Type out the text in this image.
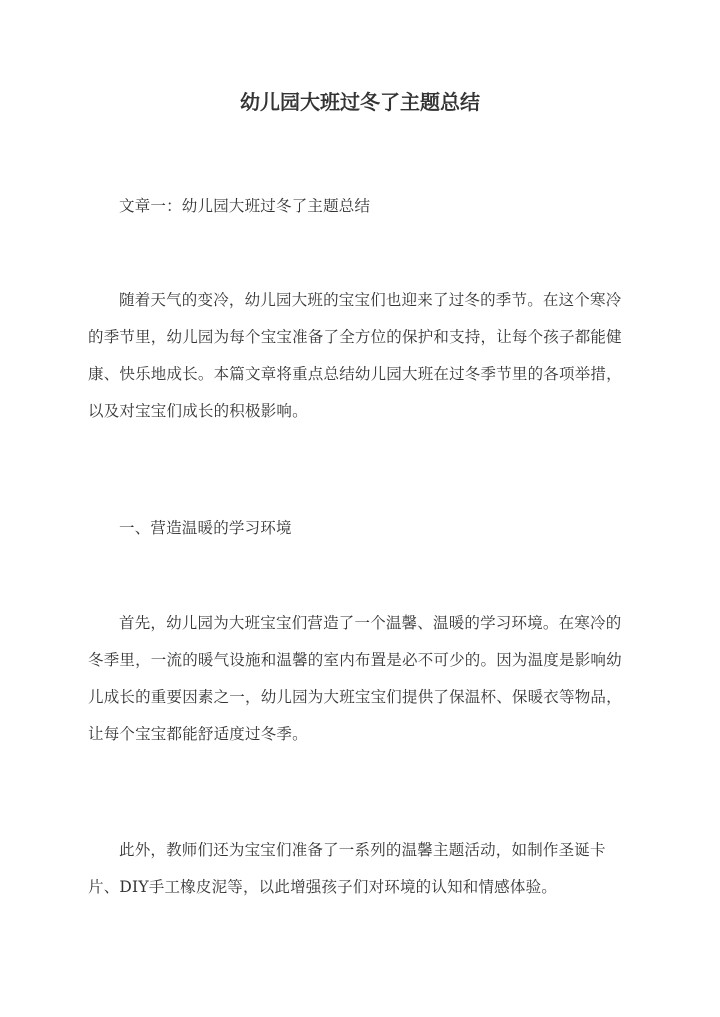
幼儿园大班过冬了主题总结

文章一：幼儿园大班过冬了主题总结

随着天气的变冷，幼儿园大班的宝宝们也迎来了过冬的季节。在这个寒冷的季节里，幼儿园为每个宝宝准备了全方位的保护和支持，让每个孩子都能健康、快乐地成长。本篇文章将重点总结幼儿园大班在过冬季节里的各项举措，以及对宝宝们成长的积极影响。

一、营造温暖的学习环境

首先，幼儿园为大班宝宝们营造了一个温馨、温暖的学习环境。在寒冷的冬季里，一流的暖气设施和温馨的室内布置是必不可少的。因为温度是影响幼儿成长的重要因素之一，幼儿园为大班宝宝们提供了保温杯、保暖衣等物品，让每个宝宝都能舒适度过冬季。

此外，教师们还为宝宝们准备了一系列的温馨主题活动，如制作圣诞卡片、DIY手工橡皮泥等，以此增强孩子们对环境的认知和情感体验。
